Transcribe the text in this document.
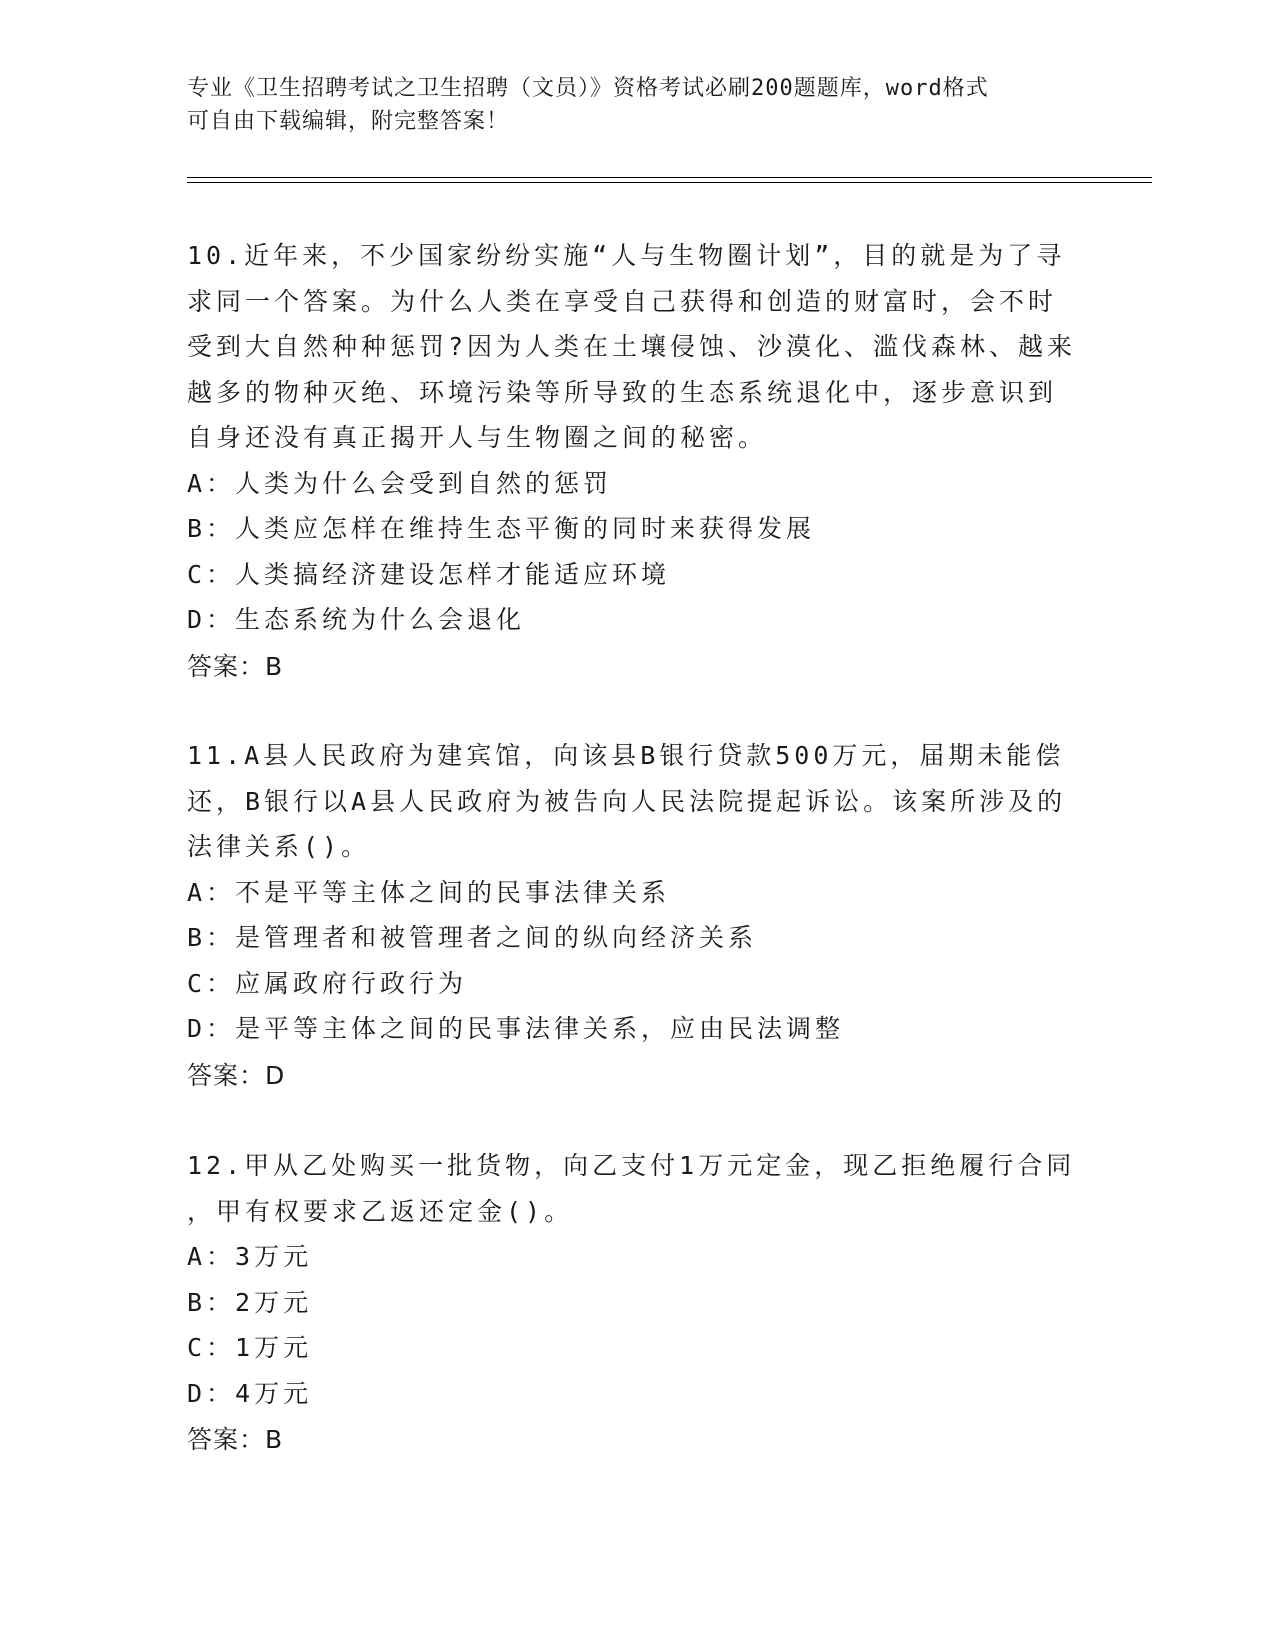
专业《卫生招聘考试之卫生招聘（文员）》资格考试必刷200题题库，word格式
可自由下载编辑，附完整答案！
10.近年来，不少国家纷纷实施“人与生物圈计划”，目的就是为了寻
求同一个答案。为什么人类在享受自己获得和创造的财富时，会不时
受到大自然种种惩罚?因为人类在土壤侵蚀、沙漠化、滥伐森林、越来
越多的物种灭绝、环境污染等所导致的生态系统退化中，逐步意识到
自身还没有真正揭开人与生物圈之间的秘密。
A：人类为什么会受到自然的惩罚
B：人类应怎样在维持生态平衡的同时来获得发展
C：人类搞经济建设怎样才能适应环境
D：生态系统为什么会退化
答案：B
11.A县人民政府为建宾馆，向该县B银行贷款500万元，届期未能偿
还，B银行以A县人民政府为被告向人民法院提起诉讼。该案所涉及的
法律关系()。
A：不是平等主体之间的民事法律关系
B：是管理者和被管理者之间的纵向经济关系
C：应属政府行政行为
D：是平等主体之间的民事法律关系，应由民法调整
答案：D
12.甲从乙处购买一批货物，向乙支付1万元定金，现乙拒绝履行合同
，甲有权要求乙返还定金()。
A：3万元
B：2万元
C：1万元
D：4万元
答案：B
